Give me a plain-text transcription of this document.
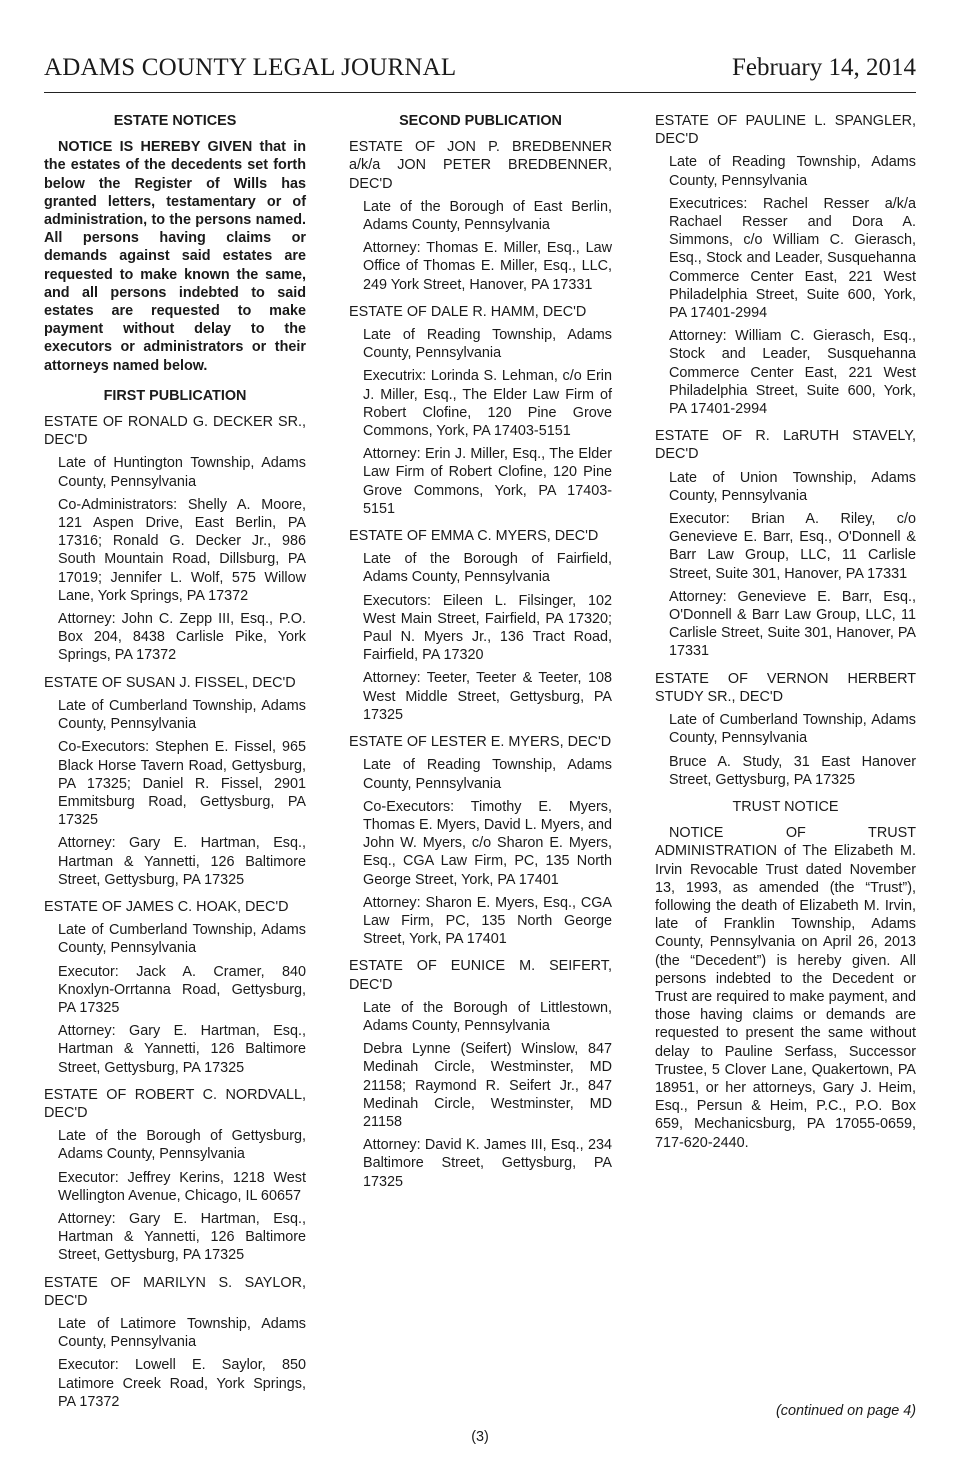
ADAMS COUNTY LEGAL JOURNAL	February 14, 2014
ESTATE NOTICES

NOTICE IS HEREBY GIVEN that in the estates of the decedents set forth below the Register of Wills has granted letters, testamentary or of administration, to the persons named. All persons having claims or demands against said estates are requested to make known the same, and all persons indebted to said estates are requested to make payment without delay to the executors or administrators or their attorneys named below.

FIRST PUBLICATION
ESTATE OF RONALD G. DECKER SR., DEC'D
Late of Huntington Township, Adams County, Pennsylvania
Co-Administrators: Shelly A. Moore, 121 Aspen Drive, East Berlin, PA 17316; Ronald G. Decker Jr., 986 South Mountain Road, Dillsburg, PA 17019; Jennifer L. Wolf, 575 Willow Lane, York Springs, PA 17372
Attorney: John C. Zepp III, Esq., P.O. Box 204, 8438 Carlisle Pike, York Springs, PA 17372
ESTATE OF SUSAN J. FISSEL, DEC'D
Late of Cumberland Township, Adams County, Pennsylvania
Co-Executors: Stephen E. Fissel, 965 Black Horse Tavern Road, Gettysburg, PA 17325; Daniel R. Fissel, 2901 Emmitsburg Road, Gettysburg, PA 17325
Attorney: Gary E. Hartman, Esq., Hartman & Yannetti, 126 Baltimore Street, Gettysburg, PA 17325
ESTATE OF JAMES C. HOAK, DEC'D
Late of Cumberland Township, Adams County, Pennsylvania
Executor: Jack A. Cramer, 840 Knoxlyn-Orrtanna Road, Gettysburg, PA 17325
Attorney: Gary E. Hartman, Esq., Hartman & Yannetti, 126 Baltimore Street, Gettysburg, PA 17325
ESTATE OF ROBERT C. NORDVALL, DEC'D
Late of the Borough of Gettysburg, Adams County, Pennsylvania
Executor: Jeffrey Kerins, 1218 West Wellington Avenue, Chicago, IL 60657
Attorney: Gary E. Hartman, Esq., Hartman & Yannetti, 126 Baltimore Street, Gettysburg, PA 17325
ESTATE OF MARILYN S. SAYLOR, DEC'D
Late of Latimore Township, Adams County, Pennsylvania
Executor: Lowell E. Saylor, 850 Latimore Creek Road, York Springs, PA 17372
SECOND PUBLICATION
ESTATE OF JON P. BREDBENNER a/k/a JON PETER BREDBENNER, DEC'D
Late of the Borough of East Berlin, Adams County, Pennsylvania
Attorney: Thomas E. Miller, Esq., Law Office of Thomas E. Miller, Esq., LLC, 249 York Street, Hanover, PA 17331
ESTATE OF DALE R. HAMM, DEC'D
Late of Reading Township, Adams County, Pennsylvania
Executrix: Lorinda S. Lehman, c/o Erin J. Miller, Esq., The Elder Law Firm of Robert Clofine, 120 Pine Grove Commons, York, PA 17403-5151
Attorney: Erin J. Miller, Esq., The Elder Law Firm of Robert Clofine, 120 Pine Grove Commons, York, PA 17403-5151
ESTATE OF EMMA C. MYERS, DEC'D
Late of the Borough of Fairfield, Adams County, Pennsylvania
Executors: Eileen L. Filsinger, 102 West Main Street, Fairfield, PA 17320; Paul N. Myers Jr., 136 Tract Road, Fairfield, PA 17320
Attorney: Teeter, Teeter & Teeter, 108 West Middle Street, Gettysburg, PA 17325
ESTATE OF LESTER E. MYERS, DEC'D
Late of Reading Township, Adams County, Pennsylvania
Co-Executors: Timothy E. Myers, Thomas E. Myers, David L. Myers, and John W. Myers, c/o Sharon E. Myers, Esq., CGA Law Firm, PC, 135 North George Street, York, PA 17401
Attorney: Sharon E. Myers, Esq., CGA Law Firm, PC, 135 North George Street, York, PA 17401
ESTATE OF EUNICE M. SEIFERT, DEC'D
Late of the Borough of Littlestown, Adams County, Pennsylvania
Debra Lynne (Seifert) Winslow, 847 Medinah Circle, Westminster, MD 21158; Raymond R. Seifert Jr., 847 Medinah Circle, Westminster, MD 21158
Attorney: David K. James III, Esq., 234 Baltimore Street, Gettysburg, PA 17325
ESTATE OF PAULINE L. SPANGLER, DEC'D
Late of Reading Township, Adams County, Pennsylvania
Executrices: Rachel Resser a/k/a Rachael Resser and Dora A. Simmons, c/o William C. Gierasch, Esq., Stock and Leader, Susquehanna Commerce Center East, 221 West Philadelphia Street, Suite 600, York, PA 17401-2994
Attorney: William C. Gierasch, Esq., Stock and Leader, Susquehanna Commerce Center East, 221 West Philadelphia Street, Suite 600, York, PA 17401-2994
ESTATE OF R. LaRUTH STAVELY, DEC'D
Late of Union Township, Adams County, Pennsylvania
Executor: Brian A. Riley, c/o Genevieve E. Barr, Esq., O'Donnell & Barr Law Group, LLC, 11 Carlisle Street, Suite 301, Hanover, PA 17331
Attorney: Genevieve E. Barr, Esq., O'Donnell & Barr Law Group, LLC, 11 Carlisle Street, Suite 301, Hanover, PA 17331
ESTATE OF VERNON HERBERT STUDY SR., DEC'D
Late of Cumberland Township, Adams County, Pennsylvania
Bruce A. Study, 31 East Hanover Street, Gettysburg, PA 17325
TRUST NOTICE

NOTICE OF TRUST ADMINISTRATION of The Elizabeth M. Irvin Revocable Trust dated November 13, 1993, as amended (the “Trust”), following the death of Elizabeth M. Irvin, late of Franklin Township, Adams County, Pennsylvania on April 26, 2013 (the “Decedent”) is hereby given. All persons indebted to the Decedent or Trust are required to make payment, and those having claims or demands are requested to present the same without delay to Pauline Serfass, Successor Trustee, 5 Clover Lane, Quakertown, PA 18951, or her attorneys, Gary J. Heim, Esq., Persun & Heim, P.C., P.O. Box 659, Mechanicsburg, PA 17055-0659, 717-620-2440.

(continued on page 4)
(3)
